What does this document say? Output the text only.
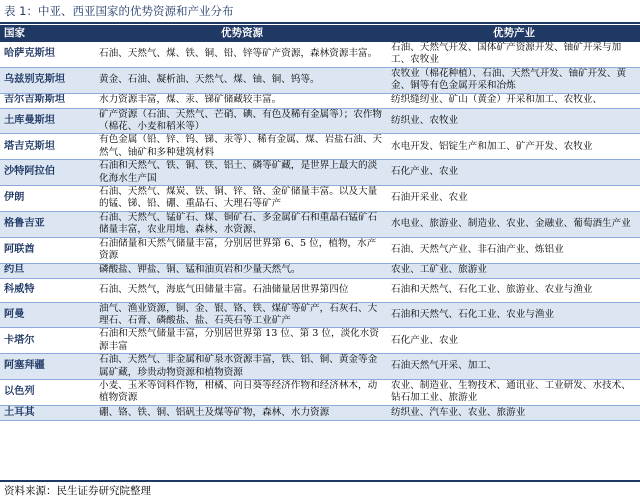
表 1：中亚、西亚国家的优势资源和产业分布
国家	优势资源	优势产业
哈萨克斯坦	石油、天然气、煤、铁、铜、铅、锌等矿产资源，森林资源丰富。	石油、天然气开发、国体矿产资源开发、铀矿开采与加工、农牧业
乌兹别克斯坦	黄金、石油、凝析油、天然气、煤、铀、铜、钨等。	农牧业（棉花种植）、石油、天然气开发、铀矿开发、黄金、铜等有色金属开采和冶炼
吉尔吉斯斯坦	水力资源丰富，煤、汞、锑矿储藏较丰富。	纺织缝纫业、矿山（黄金）开采和加工、农牧业、
土库曼斯坦	矿产资源（石油、天然气、芒硝、碘、有色及稀有金属等）；农作物（棉花、小麦和稻米等）	纺织业、农牧业
塔吉克斯坦	有色金属（铅、锌、钨、锑、汞等）、稀有金属、煤、岩盐石油、天然气、铀矿和多种建筑材料	水电开发、铝锭生产和加工、矿产开发、农牧业
沙特阿拉伯	石油和天然气、铁、铜、铁、铝土、磷等矿藏，是世界上最大的淡化海水生产国	石化产业、农业
伊朗	石油、天然气、煤炭、铁、铜、锌、铬、金矿储量丰富。以及大量的锰、锑、铅、硼、重晶石、大理石等矿产	石油开采业、农业
格鲁吉亚	石油、天然气、锰矿石、煤、铜矿石、多金属矿石和重晶石锰矿石储量丰富，农业用地、森林、水资源、	水电业、旅游业、制造业、农业、金融业、葡萄酒生产业
阿联酋	石油储量和天然气储量丰富，分别居世界第 6、5 位，植物，水产资源	石油、天然气产业、非石油产业、炼铝业
约旦	磷酸盐、钾盐、铜、锰和油页岩和少量天然气。	农业、工矿业、旅游业
科威特	石油、天然气，海底气田储量丰富。石油储量居世界第四位	石油和天然气、石化工业、旅游业、农业与渔业
阿曼	油气、渔业资源，铜、金、银、铬、铁、煤矿等矿产，石灰石、大理石、石膏、磷酸盐、盐、石英石等工业矿产	石油和天然气、石化工业、农业与渔业
卡塔尔	石油和天然气储量丰富，分别居世界第 13 位、第 3 位，淡化水资源丰富	石化产业、农业
阿塞拜疆	石油、天然气、非金属和矿泉水资源丰富，铁、铝、铜、黄金等金属矿藏，珍贵动物资源和植物资源	石油天然气开采、加工、
以色列	小麦、玉米等饲料作物，柑橘、向日葵等经济作物和经济林木，动植物资源	农业、制造业、生物技术、通讯业、工业研发、水技术、钻石加工业、旅游业
土耳其	硼、铬、铁、铜、铝矾土及煤等矿物，森林、水力资源	纺织业、汽车业、农业、旅游业
资料来源：民生证券研究院整理
